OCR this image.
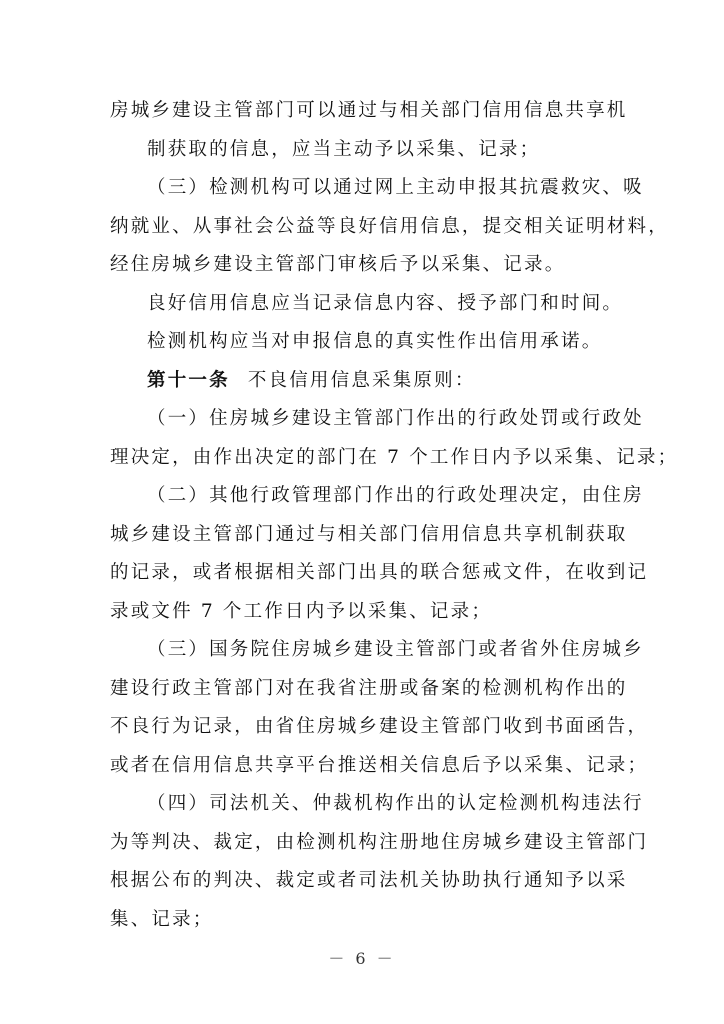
房城乡建设主管部门可以通过与相关部门信用信息共享机
制获取的信息，应当主动予以采集、记录；
（三）检测机构可以通过网上主动申报其抗震救灾、吸
纳就业、从事社会公益等良好信用信息，提交相关证明材料，
经住房城乡建设主管部门审核后予以采集、记录。
良好信用信息应当记录信息内容、授予部门和时间。
检测机构应当对申报信息的真实性作出信用承诺。
第十一条 不良信用信息采集原则：
（一）住房城乡建设主管部门作出的行政处罚或行政处
理决定，由作出决定的部门在 7 个工作日内予以采集、记录；
（二）其他行政管理部门作出的行政处理决定，由住房
城乡建设主管部门通过与相关部门信用信息共享机制获取
的记录，或者根据相关部门出具的联合惩戒文件，在收到记
录或文件 7 个工作日内予以采集、记录；
（三）国务院住房城乡建设主管部门或者省外住房城乡
建设行政主管部门对在我省注册或备案的检测机构作出的
不良行为记录，由省住房城乡建设主管部门收到书面函告，
或者在信用信息共享平台推送相关信息后予以采集、记录；
（四）司法机关、仲裁机构作出的认定检测机构违法行
为等判决、裁定，由检测机构注册地住房城乡建设主管部门
根据公布的判决、裁定或者司法机关协助执行通知予以采
集、记录；
－ 6 －
